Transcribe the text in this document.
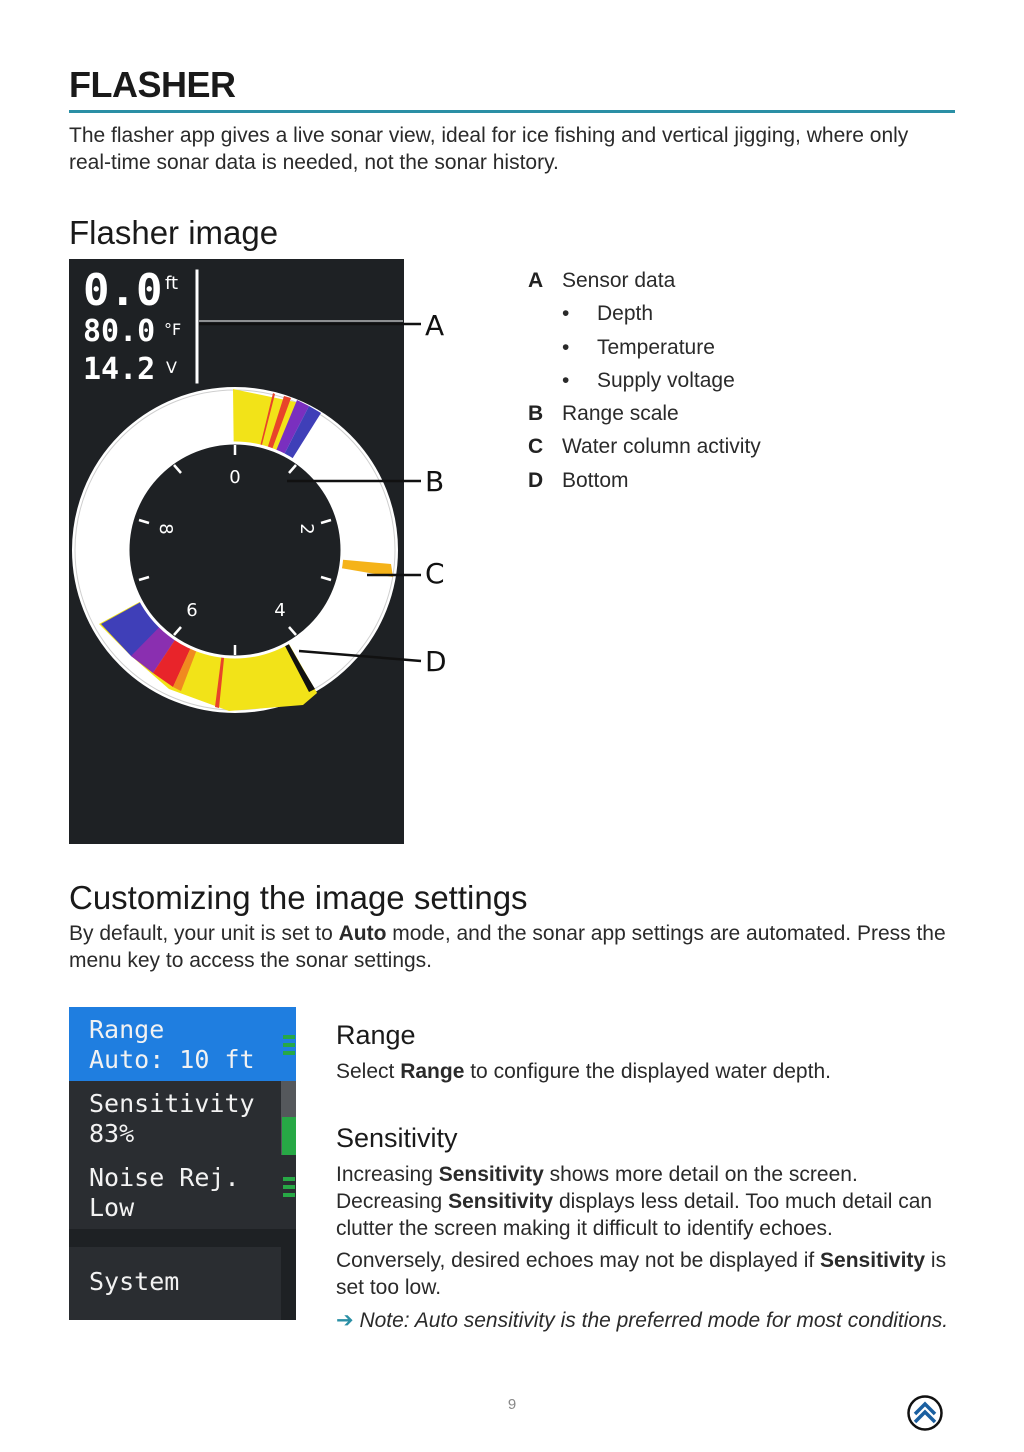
FLASHER

The flasher app gives a live sonar view, ideal for ice fishing and vertical jigging, where only real-time sonar data is needed, not the sonar history.

Flasher image
0.0 ft
80.0 °F
14.2 V
0
2
4
6
8
A
B
C
D
A Sensor data
• Depth
• Temperature
• Supply voltage
B Range scale
C Water column activity
D Bottom
Customizing the image settings

By default, your unit is set to Auto mode, and the sonar app settings are automated. Press the menu key to access the sonar settings.

Range
Auto: 10 ft
Sensitivity
83%
Noise Rej.
Low
System
Range

Select Range to configure the displayed water depth.

Sensitivity

Increasing Sensitivity shows more detail on the screen. Decreasing Sensitivity displays less detail. Too much detail can clutter the screen making it difficult to identify echoes.

Conversely, desired echoes may not be displayed if Sensitivity is set too low.

➔ Note: Auto sensitivity is the preferred mode for most conditions.

9
